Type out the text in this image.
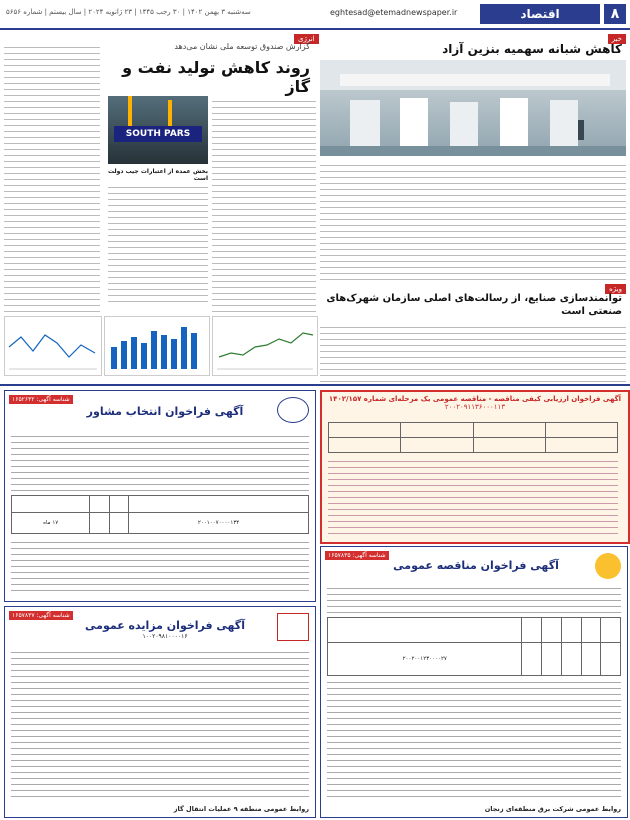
۸
اقتصاد
eghtesad@etemadnewspaper.ir
سه‌شنبه ۳ بهمن ۱۴۰۲ | ۳۰ رجب ۱۴۴۵ | ۲۳ ژانویه ۲۰۲۴ | سال بیستم | شماره ۵۶۵۶
خبر
کاهش شبانه سهمیه بنزین آزاد
انرژی
گزارش صندوق توسعه ملی نشان می‌دهد
روند کاهش تولید نفت و گاز
SOUTH PARS
بخش عمده از اعتبارات جیب دولت است
ویژه
توانمندسازی صنایع، از رسالت‌های اصلی سازمان شهرک‌های صنعتی است
شناسه آگهی: ۱۶۵۲۶۳۲
آگهی فراخوان انتخاب مشاور

۲۰۰۱۰۰۷۰۰۰۰۱۳۴			۱۷ ماه
آگهی فراخوان ارزیابی کیفی مناقصه - مناقصه عمومی یک مرحله‌ای شماره ۱۴۰۲/۱۵۷
۲۰۰۲۰۹۱۱۳۶۰۰۰۱۱۳

شناسه آگهی: ۱۶۵۷۸۳۷
آگهی فراخوان مزایده عمومی
۱۰۰۲۰۹۸۱۰۰۰۰۱۶
روابط عمومی منطقه ۹ عملیات انتقال گاز
شناسه آگهی: ۱۶۵۷۸۳۵
آگهی فراخوان مناقصه عمومی

					۲۰۰۲۰۰۱۲۳۰۰۰۰۲۷
روابط عمومی شرکت برق منطقه‌ای زنجان
